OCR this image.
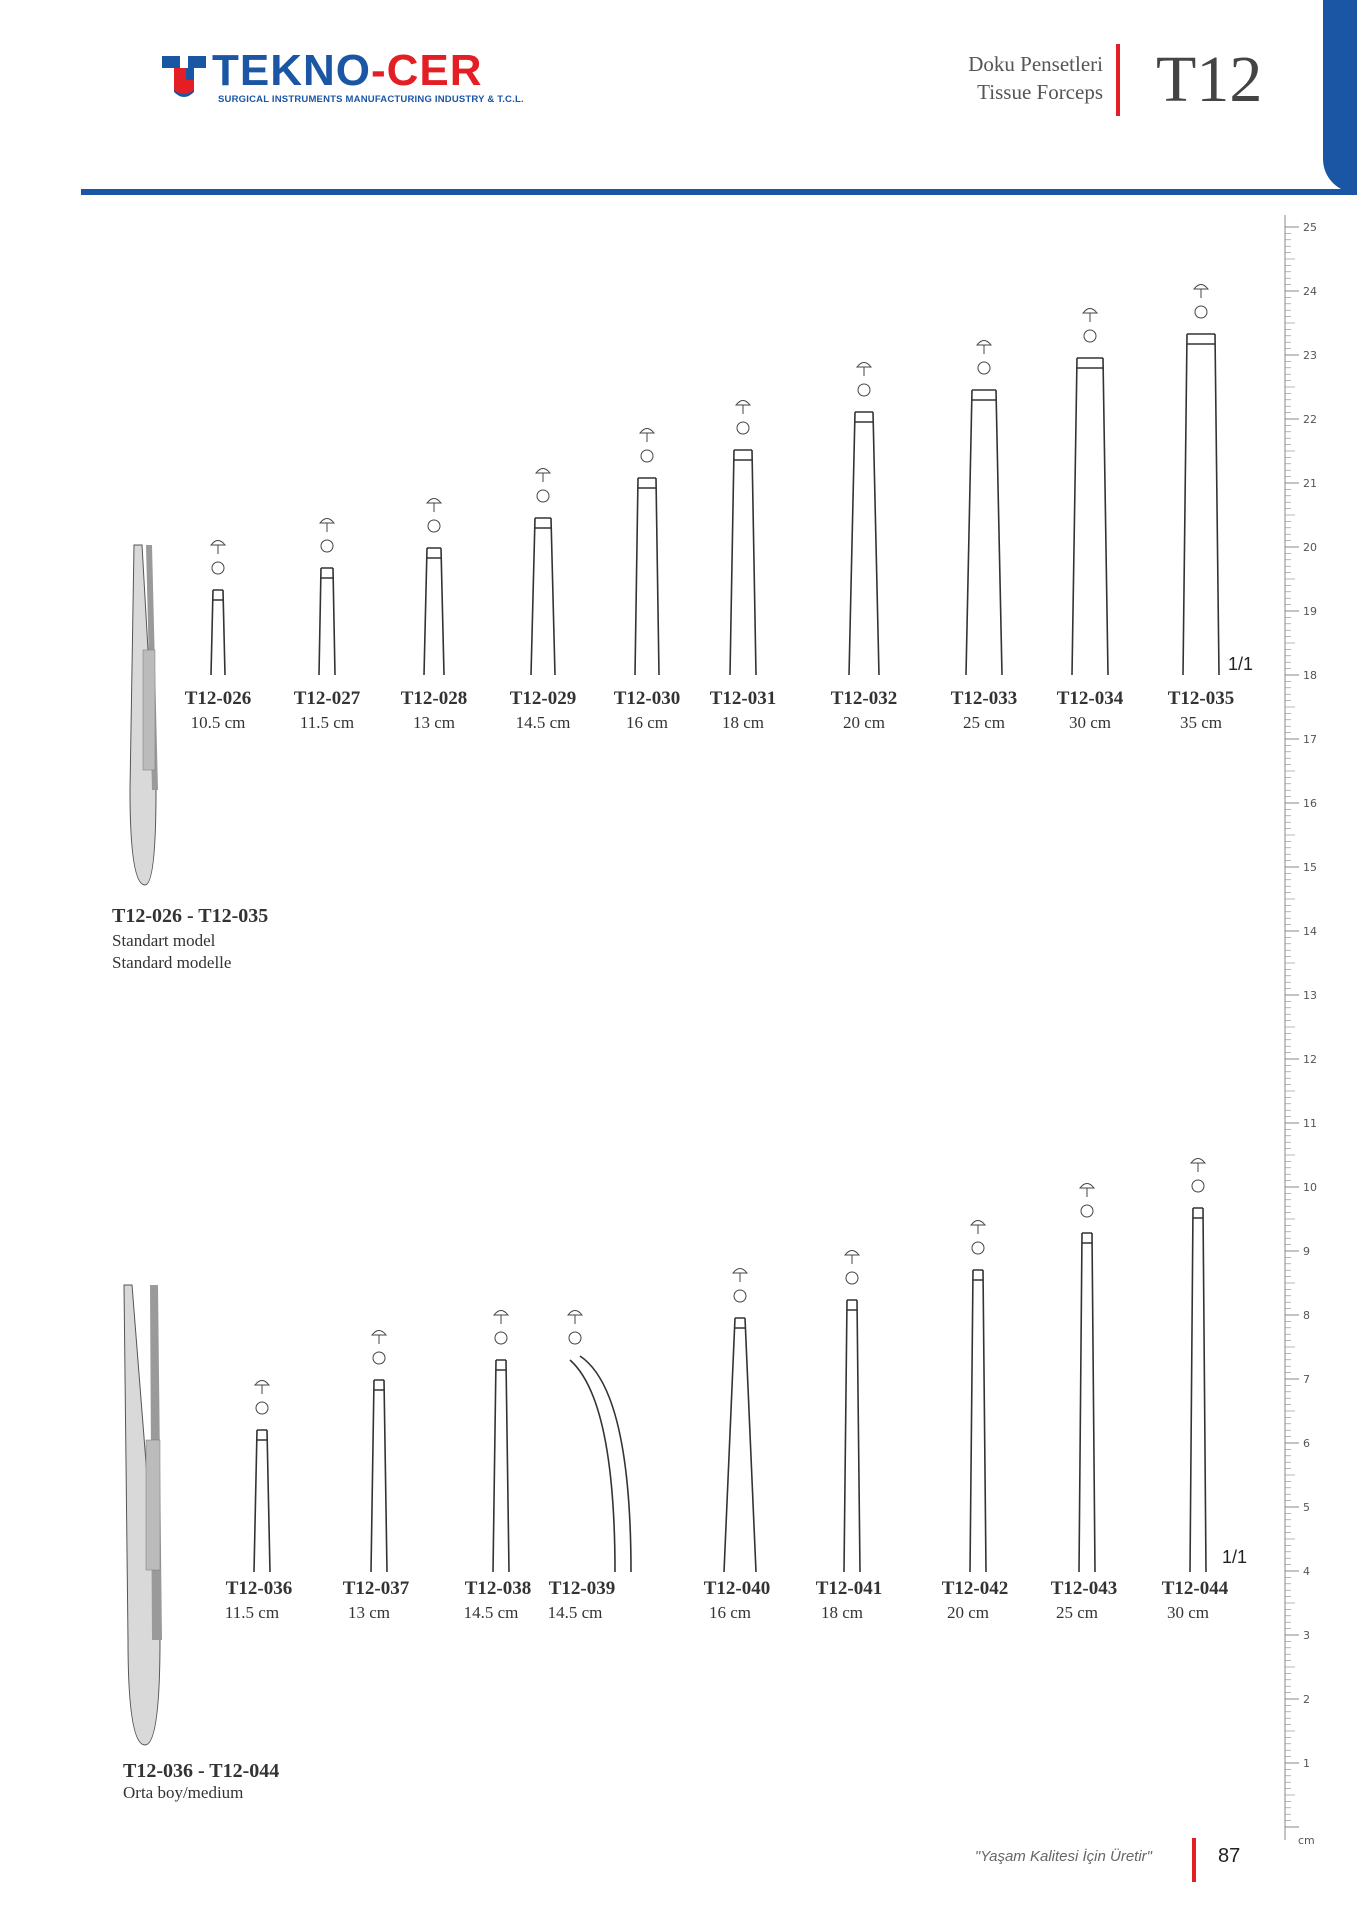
TEKNO-CER
SURGICAL INSTRUMENTS MANUFACTURING INDUSTRY & T.C.L.
Doku Pensetleri
Tissue Forceps T12
25
24
23
22
21
20
19
18
17
16
15
14
13
12
11
10
9
8
7
6
5
4
3
2
1
cm
T12-026
10.5 cm
T12-027
11.5 cm
T12-028
13 cm
T12-029
14.5 cm
T12-030
16 cm
T12-031
18 cm
T12-032
20 cm
T12-033
25 cm
T12-034
30 cm
T12-035
35 cm
1/1
T12-026 - T12-035
Standart model
Standard modelle
T12-036
11.5 cm
T12-037
13 cm
T12-038
14.5 cm
T12-039
14.5 cm
T12-040
16 cm
T12-041
18 cm
T12-042
20 cm
T12-043
25 cm
T12-044
30 cm
1/1
T12-036 - T12-044
Orta boy/medium
"Yaşam Kalitesi İçin Üretir"	87
